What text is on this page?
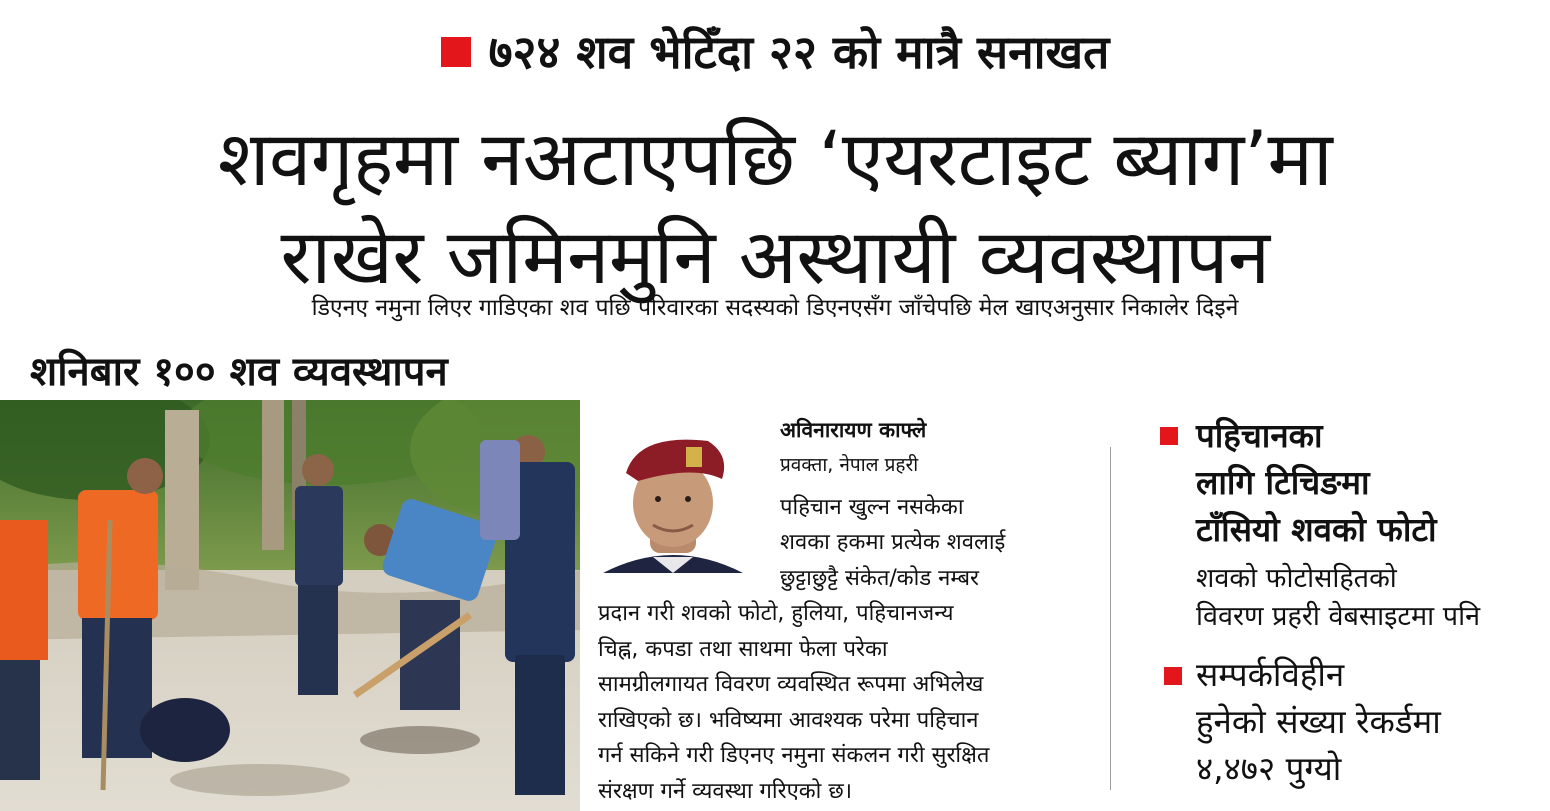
७२४ शव भेटिँदा २२ को मात्रै सनाखत
शवगृहमा नअटाएपछि ‘एयरटाइट ब्याग’मा
राखेर जमिनमुनि अस्थायी व्यवस्थापन
डिएनए नमुना लिएर गाडिएका शव पछि परिवारका सदस्यको डिएनएसँग जाँचेपछि मेल खाएअनुसार निकालेर दिइने
शनिबार १०० शव व्यवस्थापन
अविनारायण काफ्ले
प्रवक्ता, नेपाल प्रहरी
पहिचान खुल्न नसकेका
शवका हकमा प्रत्येक शवलाई
छुट्टाछुट्टै संकेत/कोड नम्बर
प्रदान गरी शवको फोटो, हुलिया, पहिचानजन्य
चिह्न, कपडा तथा साथमा फेला परेका
सामग्रीलगायत विवरण व्यवस्थित रूपमा अभिलेख
राखिएको छ। भविष्यमा आवश्यक परेमा पहिचान
गर्न सकिने गरी डिएनए नमुना संकलन गरी सुरक्षित
संरक्षण गर्ने व्यवस्था गरिएको छ।
पहिचानका
लागि टिचिङमा
टाँसियो शवको फोटो
शवको फोटोसहितको
विवरण प्रहरी वेबसाइटमा पनि
सम्पर्कविहीन
हुनेको संख्या रेकर्डमा
४,४७२ पुग्यो
